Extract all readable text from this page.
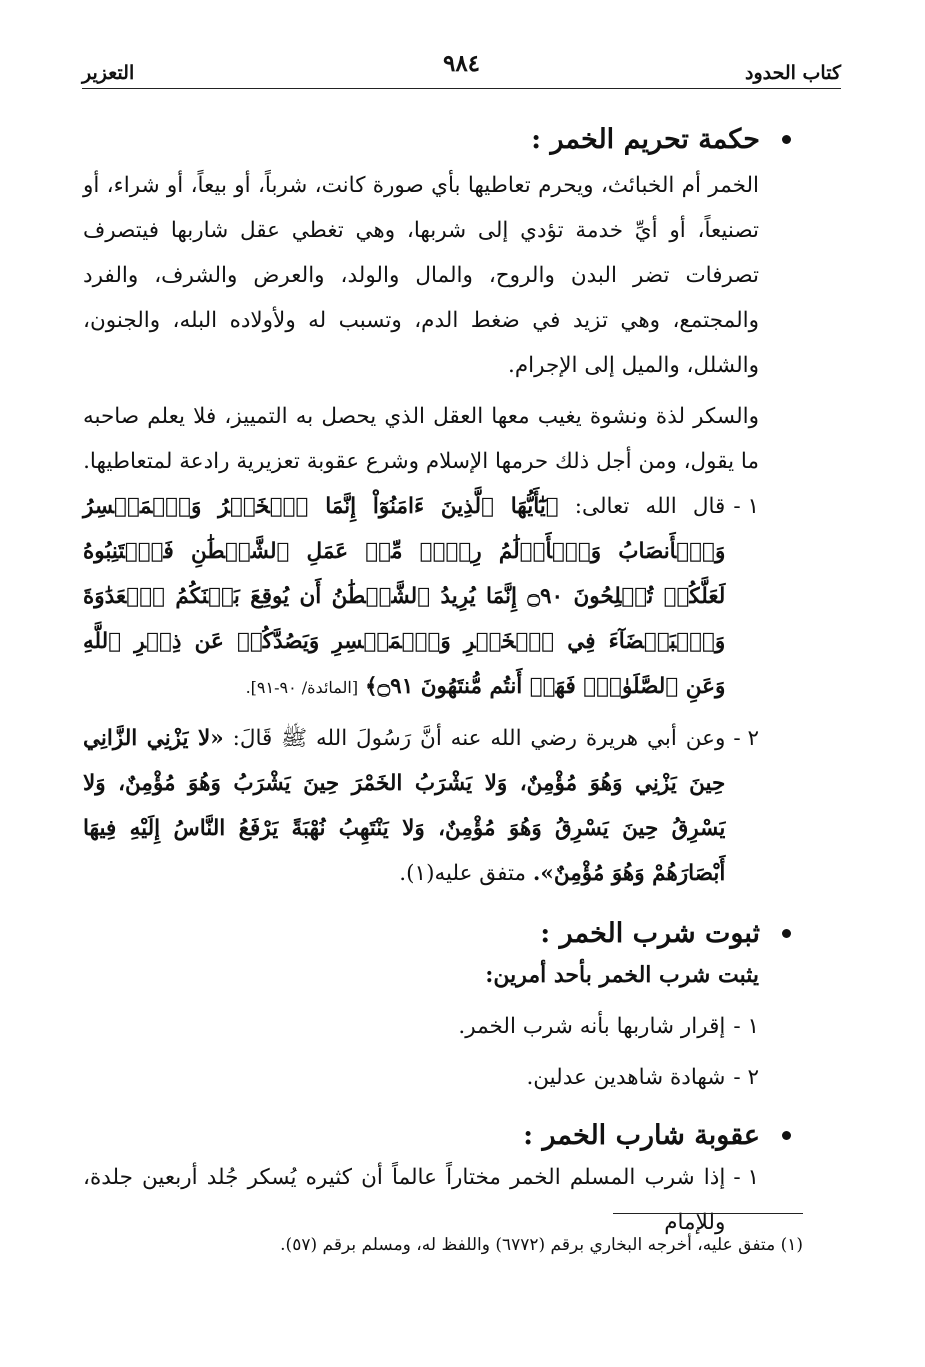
كتاب الحدود
٩٨٤
التعزير
حكمة تحريم الخمر :

الخمر أم الخبائث، ويحرم تعاطيها بأي صورة كانت، شرباً، أو بيعاً، أو شراء، أو تصنيعاً، أو أيِّ خدمة تؤدي إلى شربها، وهي تغطي عقل شاربها فيتصرف تصرفات تضر البدن والروح، والمال والولد، والعرض والشرف، والفرد والمجتمع، وهي تزيد في ضغط الدم، وتسبب له ولأولاده البله، والجنون، والشلل، والميل إلى الإجرام.

والسكر لذة ونشوة يغيب معها العقل الذي يحصل به التمييز، فلا يعلم صاحبه ما يقول، ومن أجل ذلك حرمها الإسلام وشرع عقوبة تعزيرية رادعة لمتعاطيها.

١ -
قال الله تعالى: ﴿يَٰٓأَيُّهَا ٱلَّذِينَ ءَامَنُوٓاْ إِنَّمَا ٱلۡخَمۡرُ وَٱلۡمَيۡسِرُ وَٱلۡأَنصَابُ وَٱلۡأَزۡلَٰمُ رِجۡسٞ مِّنۡ عَمَلِ ٱلشَّيۡطَٰنِ فَٱجۡتَنِبُوهُ لَعَلَّكُمۡ تُفۡلِحُونَ ۝٩٠ إِنَّمَا يُرِيدُ ٱلشَّيۡطَٰنُ أَن يُوقِعَ بَيۡنَكُمُ ٱلۡعَدَٰوَةَ وَٱلۡبَغۡضَآءَ فِي ٱلۡخَمۡرِ وَٱلۡمَيۡسِرِ وَيَصُدَّكُمۡ عَن ذِكۡرِ ٱللَّهِ وَعَنِ ٱلصَّلَوٰةِۖ فَهَلۡ أَنتُم مُّنتَهُونَ ۝٩١﴾ [المائدة/ ٩٠-٩١].
٢ -
وعن أبي هريرة رضي الله عنه أنَّ رَسُولَ الله ﷺ قَالَ: «لا يَزْنِي الزَّانِي حِينَ يَزْنِي وَهُوَ مُؤْمِنٌ، وَلا يَشْرَبُ الخَمْرَ حِينَ يَشْرَبُ وَهُوَ مُؤْمِنٌ، وَلا يَسْرِقُ حِينَ يَسْرِقُ وَهُوَ مُؤْمِنٌ، وَلا يَنْتَهِبُ نُهْبَةً يَرْفَعُ النَّاسُ إِلَيْهِ فِيهَا أَبْصَارَهُمْ وَهُوَ مُؤْمِنٌ». متفق عليه(١).
ثبوت شرب الخمر :
يثبت شرب الخمر بأحد أمرين:
١ -
إقرار شاربها بأنه شرب الخمر.
٢ -
شهادة شاهدين عدلين.
عقوبة شارب الخمر :
١ -
إذا شرب المسلم الخمر مختاراً عالماً أن كثيره يُسكر جُلد أربعين جلدة، وللإمام
(١) متفق عليه، أخرجه البخاري برقم (٦٧٧٢) واللفظ له، ومسلم برقم (٥٧).
